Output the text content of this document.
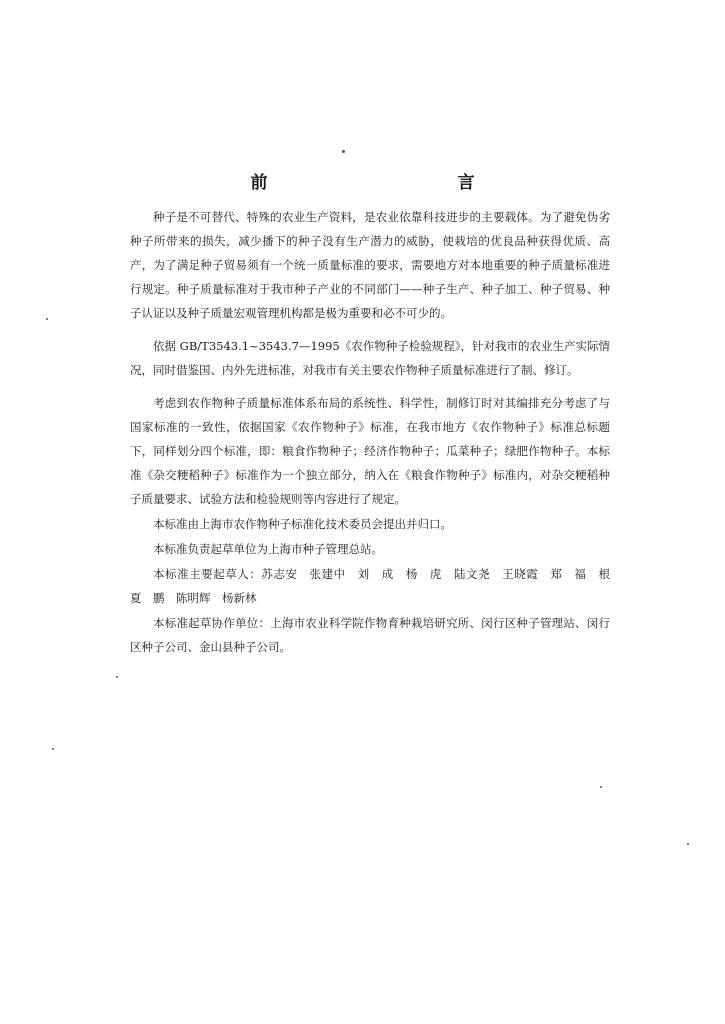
前　　言

种子是不可替代、特殊的农业生产资料，是农业依靠科技进步的主要载体。为了避免伪劣种子所带来的损失，减少播下的种子没有生产潜力的威胁，使栽培的优良品种获得优质、高产，为了满足种子贸易须有一个统一质量标准的要求，需要地方对本地重要的种子质量标准进行规定。种子质量标准对于我市种子产业的不同部门——种子生产、种子加工、种子贸易、种子认证以及种子质量宏观管理机构都是极为重要和必不可少的。

依据 GB/T3543.1~3543.7—1995《农作物种子检验规程》，针对我市的农业生产实际情况，同时借鉴国、内外先进标准，对我市有关主要农作物种子质量标准进行了制、修订。

考虑到农作物种子质量标准体系布局的系统性、科学性，制修订时对其编排充分考虑了与国家标准的一致性，依据国家《农作物种子》标准，在我市地方《农作物种子》标准总标题下，同样划分四个标准，即：粮食作物种子；经济作物种子；瓜菜种子；绿肥作物种子。本标准《杂交粳稻种子》标准作为一个独立部分，纳入在《粮食作物种子》标准内，对杂交粳稻种子质量要求、试验方法和检验规则等内容进行了规定。

本标准由上海市农作物种子标准化技术委员会提出并归口。

本标准负责起草单位为上海市种子管理总站。

本标准主要起草人：苏志安　张建中　刘　成　杨　虎　陆文尧　王晓霞　郑　福　根　夏　鹏　陈明辉　杨新林

本标准起草协作单位：上海市农业科学院作物育种栽培研究所、闵行区种子管理站、闵行区种子公司、金山县种子公司。
